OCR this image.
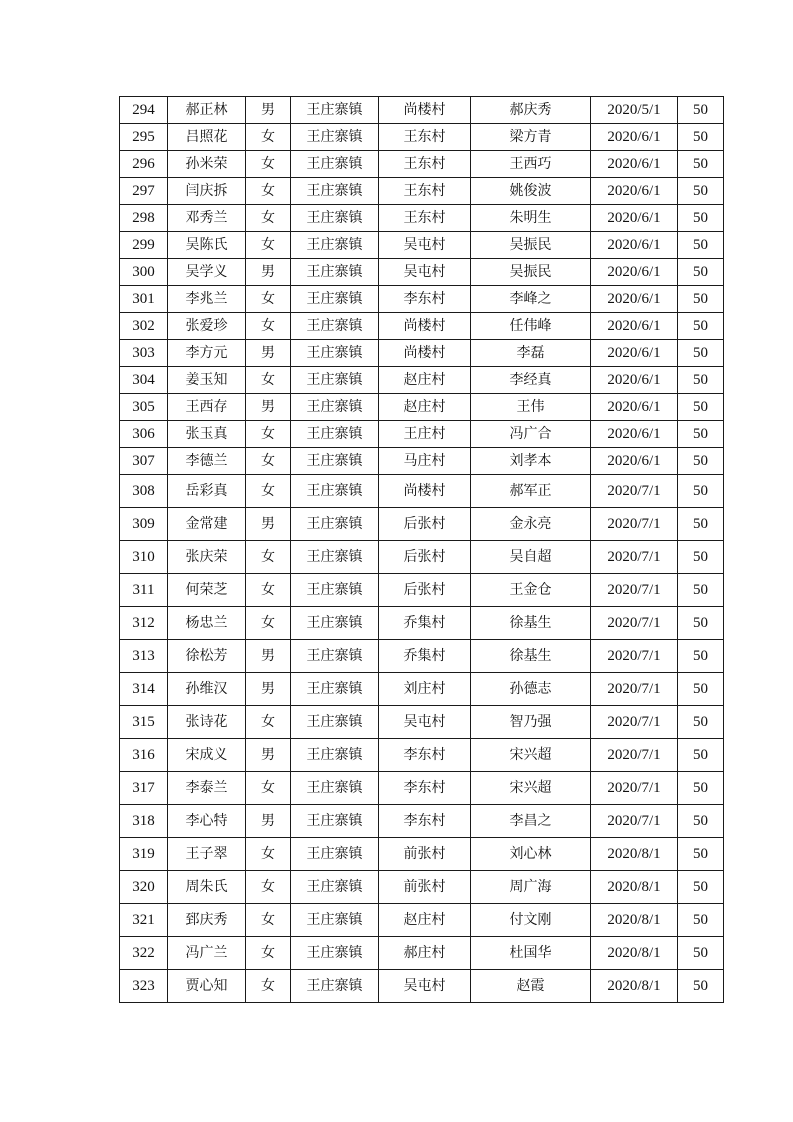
294	郝正林	男	王庄寨镇	尚楼村	郝庆秀	2020/5/1	50
295	吕照花	女	王庄寨镇	王东村	梁方青	2020/6/1	50
296	孙米荣	女	王庄寨镇	王东村	王西巧	2020/6/1	50
297	闫庆拆	女	王庄寨镇	王东村	姚俊波	2020/6/1	50
298	邓秀兰	女	王庄寨镇	王东村	朱明生	2020/6/1	50
299	吴陈氏	女	王庄寨镇	吴屯村	吴振民	2020/6/1	50
300	吴学义	男	王庄寨镇	吴屯村	吴振民	2020/6/1	50
301	李兆兰	女	王庄寨镇	李东村	李峰之	2020/6/1	50
302	张爱珍	女	王庄寨镇	尚楼村	任伟峰	2020/6/1	50
303	李方元	男	王庄寨镇	尚楼村	李磊	2020/6/1	50
304	姜玉知	女	王庄寨镇	赵庄村	李经真	2020/6/1	50
305	王西存	男	王庄寨镇	赵庄村	王伟	2020/6/1	50
306	张玉真	女	王庄寨镇	王庄村	冯广合	2020/6/1	50
307	李德兰	女	王庄寨镇	马庄村	刘孝本	2020/6/1	50
308	岳彩真	女	王庄寨镇	尚楼村	郝军正	2020/7/1	50
309	金常建	男	王庄寨镇	后张村	金永亮	2020/7/1	50
310	张庆荣	女	王庄寨镇	后张村	吴自超	2020/7/1	50
311	何荣芝	女	王庄寨镇	后张村	王金仓	2020/7/1	50
312	杨忠兰	女	王庄寨镇	乔集村	徐基生	2020/7/1	50
313	徐松芳	男	王庄寨镇	乔集村	徐基生	2020/7/1	50
314	孙维汉	男	王庄寨镇	刘庄村	孙德志	2020/7/1	50
315	张诗花	女	王庄寨镇	吴屯村	智乃强	2020/7/1	50
316	宋成义	男	王庄寨镇	李东村	宋兴超	2020/7/1	50
317	李泰兰	女	王庄寨镇	李东村	宋兴超	2020/7/1	50
318	李心特	男	王庄寨镇	李东村	李昌之	2020/7/1	50
319	王子翠	女	王庄寨镇	前张村	刘心林	2020/8/1	50
320	周朱氏	女	王庄寨镇	前张村	周广海	2020/8/1	50
321	郅庆秀	女	王庄寨镇	赵庄村	付文刚	2020/8/1	50
322	冯广兰	女	王庄寨镇	郝庄村	杜国华	2020/8/1	50
323	贾心知	女	王庄寨镇	吴屯村	赵霞	2020/8/1	50
